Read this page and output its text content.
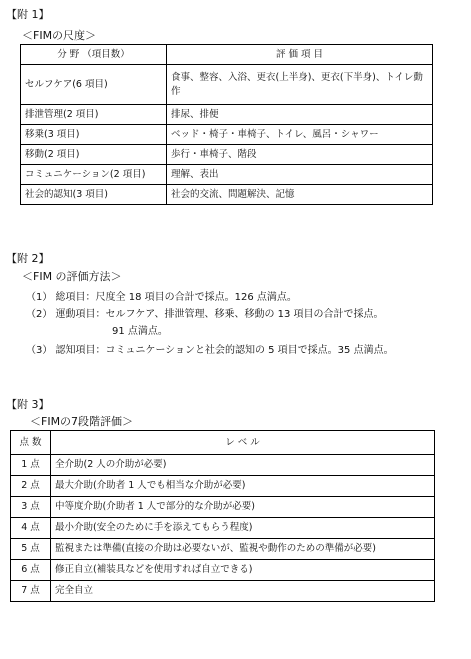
【附 1】
＜FIMの尺度＞
分 野 （項目数）	評 価 項 目
セルフケア(6 項目)	食事、整容、入浴、更衣(上半身)、更衣(下半身)、トイレ動作
排泄管理(2 項目)	排尿、排便
移乗(3 項目)	ベッド・椅子・車椅子、トイレ、風呂・シャワー
移動(2 項目)	歩行・車椅子、階段
コミュニケーション(2 項目)	理解、表出
社会的認知(3 項目)	社会的交流、問題解決、記憶
【附 2】
＜FIM の評価方法＞
（1） 総項目：尺度全 18 項目の合計で採点。126 点満点。
（2） 運動項目：セルフケア、排泄管理、移乗、移動の 13 項目の合計で採点。
91 点満点。
（3） 認知項目：コミュニケーションと社会的認知の 5 項目で採点。35 点満点。
【附 3】
＜FIMの7段階評価＞
点 数	レ ベ ル
1 点	全介助(2 人の介助が必要)
2 点	最大介助(介助者 1 人でも相当な介助が必要)
3 点	中等度介助(介助者 1 人で部分的な介助が必要)
4 点	最小介助(安全のために手を添えてもらう程度)
5 点	監視または準備(直接の介助は必要ないが、監視や動作のための準備が必要)
6 点	修正自立(補装具などを使用すれば自立できる)
7 点	完全自立
